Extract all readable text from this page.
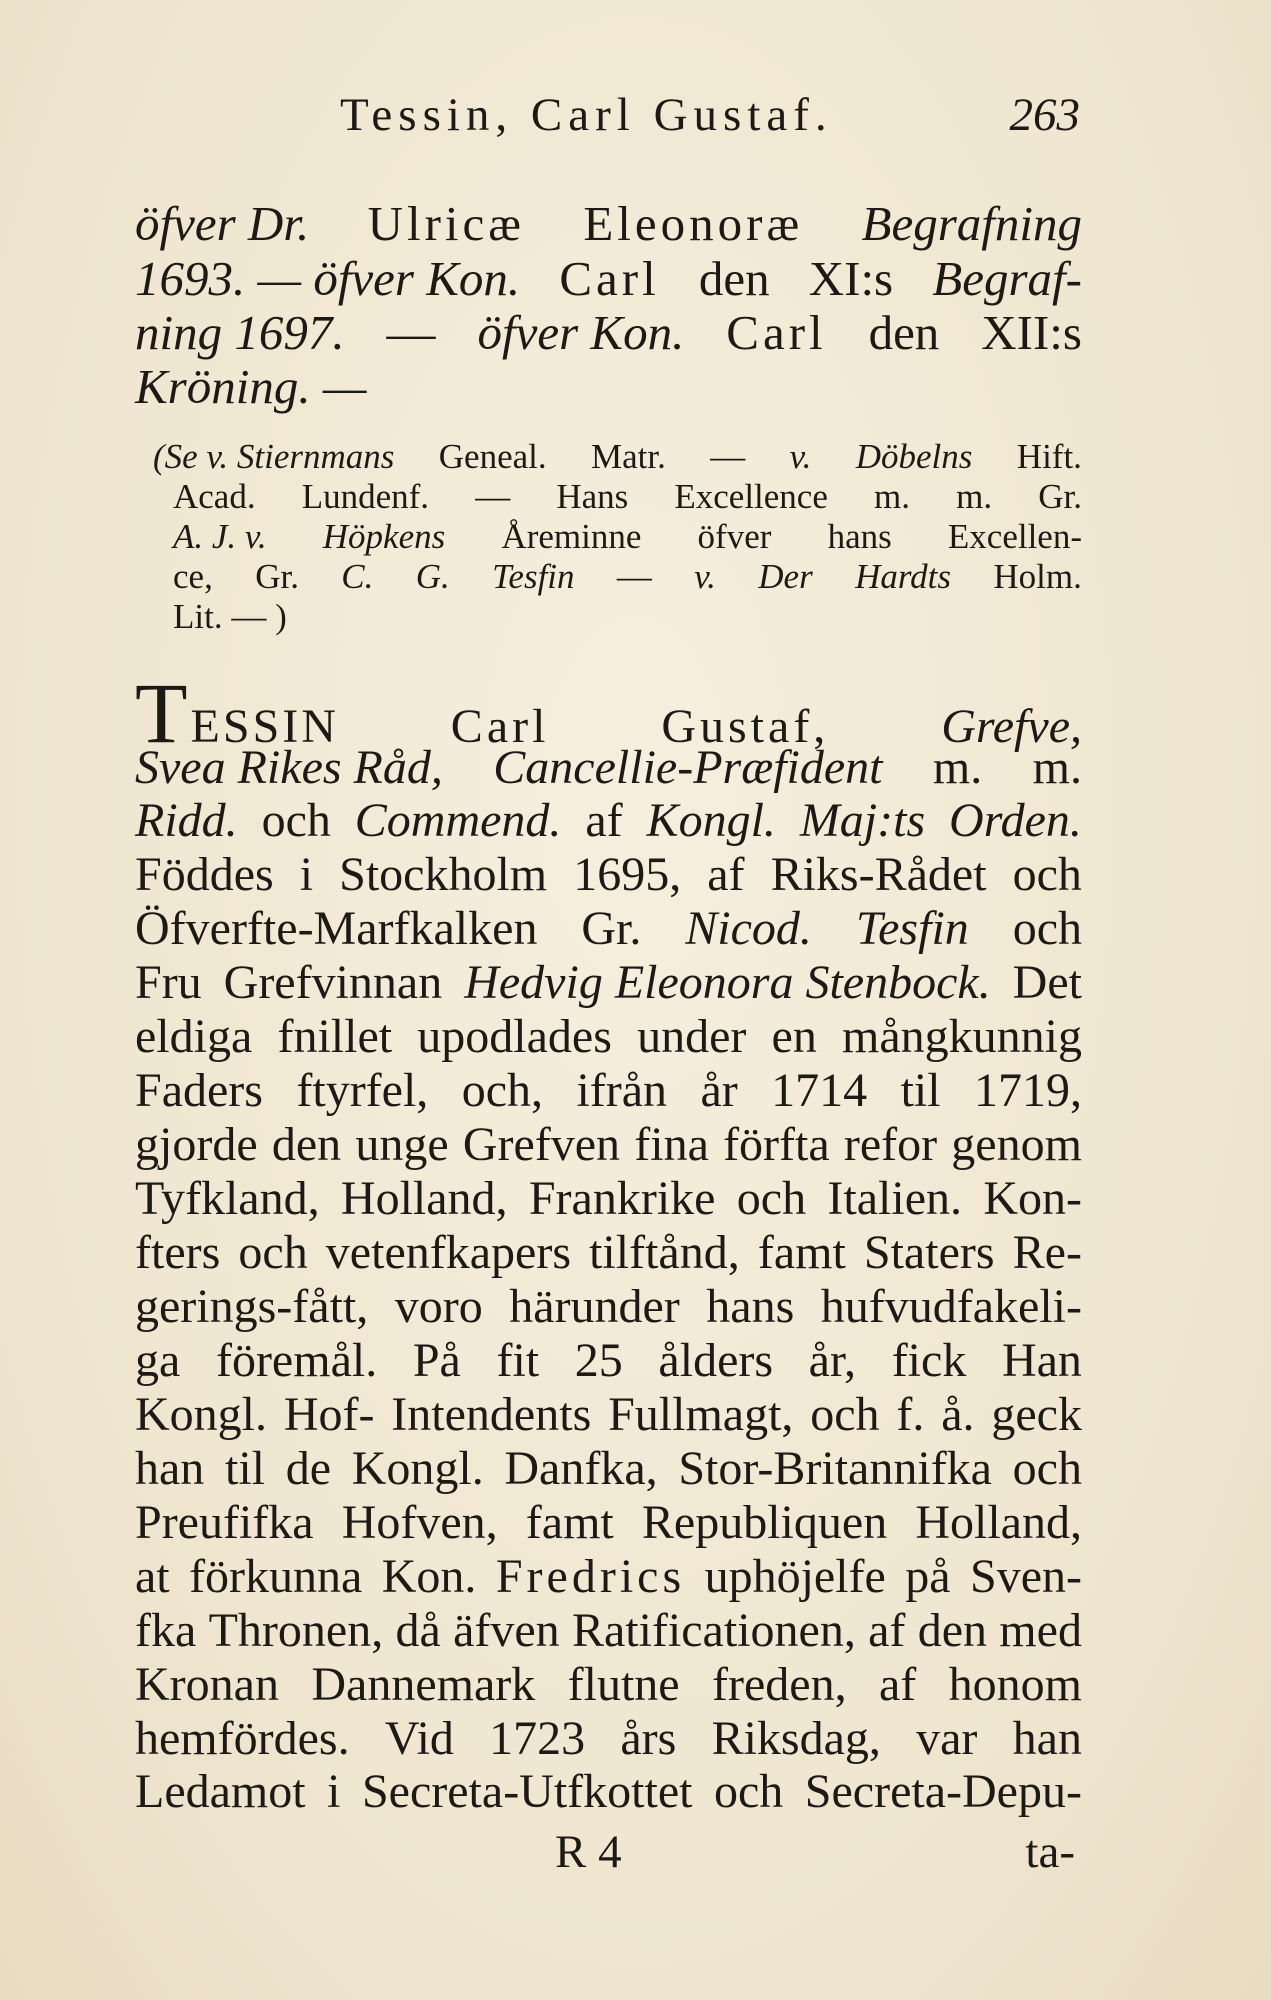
Tessin, Carl Gustaf.	263
öfver Dr. Ulricæ Eleonoræ Begrafning
1693. — öfver Kon. Carl den XI:s Begraf-
ning 1697. — öfver Kon. Carl den XII:s
Kröning. —
(Se v. Stiernmans Geneal. Matr. — v. Döbelns Hift.
Acad. Lundenf. — Hans Excellence m. m. Gr.
A. J. v. Höpkens Åreminne öfver hans Excellen-
ce, Gr. C. G. Tesfin — v. Der Hardts Holm.
Lit. — )
TESSIN Carl Gustaf, Grefve,
Svea Rikes Råd, Cancellie-Præfident m. m.
Ridd. och Commend. af Kongl. Maj:ts Orden.
Föddes i Stockholm 1695, af Riks-Rådet och
Öfverfte-Marfkalken Gr. Nicod. Tesfin och
Fru Grefvinnan Hedvig Eleonora Stenbock. Det
eldiga fnillet upodlades under en mångkunnig
Faders ftyrfel, och, ifrån år 1714 til 1719,
gjorde den unge Grefven fina förfta refor genom
Tyfkland, Holland, Frankrike och Italien. Kon-
fters och vetenfkapers tilftånd, famt Staters Re-
gerings-fått, voro härunder hans hufvudfakeli-
ga föremål. På fit 25 ålders år, fick Han
Kongl. Hof- Intendents Fullmagt, och f. å. geck
han til de Kongl. Danfka, Stor-Britannifka och
Preufifka Hofven, famt Republiquen Holland,
at förkunna Kon. Fredrics uphöjelfe på Sven-
fka Thronen, då äfven Ratificationen, af den med
Kronan Dannemark flutne freden, af honom
hemfördes. Vid 1723 års Riksdag, var han
Ledamot i Secreta-Utfkottet och Secreta-Depu-
R 4	ta-
